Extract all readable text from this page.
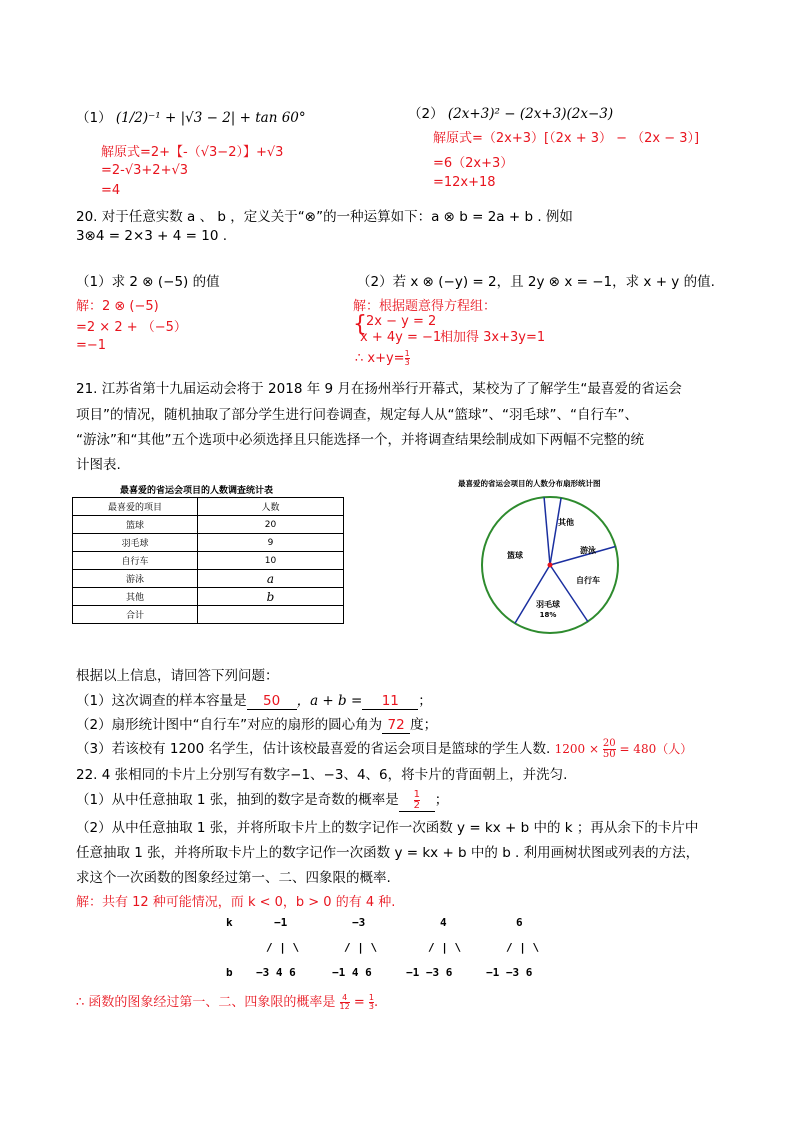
（1） (1/2)⁻¹ + |√3 − 2| + tan 60°
解原式=2+【-（√3−2）】+√3
=2-√3+2+√3
=4
（2） (2x+3)² − (2x+3)(2x−3)
解原式=（2x+3）[（2x + 3） − （2x − 3）]
=6（2x+3）
=12x+18
20. 对于任意实数 a 、 b ，定义关于“⊗”的一种运算如下：a ⊗ b = 2a + b . 例如
3⊗4 = 2×3 + 4 = 10 .
（1）求 2 ⊗ (−5) 的值
解：2 ⊗ (−5)
=2 × 2 + （−5）
=−1
（2）若 x ⊗ (−y) = 2，且 2y ⊗ x = −1，求 x + y 的值.
解：根据题意得方程组：
{ 2x − y = 2
x + 4y = −1
相加得 3x+3y=1
∴ $x+y= \frac{1}{3}$
21. 江苏省第十九届运动会将于 2018 年 9 月在扬州举行开幕式，某校为了了解学生“最喜爱的省运会
项目”的情况，随机抽取了部分学生进行问卷调查，规定每人从“篮球”、“羽毛球”、“自行车”、
“游泳”和“其他”五个选项中必须选择且只能选择一个，并将调查结果绘制成如下两幅不完整的统
计图表.
最喜爱的省运会项目的人数调查统计表
最喜爱的项目	人数
篮球	20
羽毛球	9
自行车	10
游泳	a
其他	b
合计	
最喜爱的省运会项目的人数分布扇形统计图
其他
游泳
自行车
羽毛球
18%
篮球
根据以上信息，请回答下列问题：
（1）这次调查的样本容量是 50 ，a + b = 11 ；
（2）扇形统计图中“自行车”对应的扇形的圆心角为 72 度；
（3）若该校有 1200 名学生，估计该校最喜爱的省运会项目是篮球的学生人数. $1200 \times \frac{20}{50} = 480$（人）
22. 4 张相同的卡片上分别写有数字−1、−3、4、6，将卡片的背面朝上，并洗匀.
（1）从中任意抽取 1 张，抽到的数字是奇数的概率是 $\frac{1}{2}$ ；
（2）从中任意抽取 1 张，并将所取卡片上的数字记作一次函数 y = kx + b 中的 k ；再从余下的卡片中
任意抽取 1 张，并将所取卡片上的数字记作一次函数 y = kx + b 中的 b . 利用画树状图或列表的方法，
求这个一次函数的图象经过第一、二、四象限的概率.
解：共有 12 种可能情况，而 k < 0，b > 0 的有 4 种.
k	−1	−3	4	6
/ | \	/ | \	/ | \	/ | \
b −3 4 6	−1 4 6	−1 −3 6	−1 −3 6
∴ 函数的图象经过第一、二、四象限的概率是 $\frac{4}{12} = \frac{1}{3}$ .
